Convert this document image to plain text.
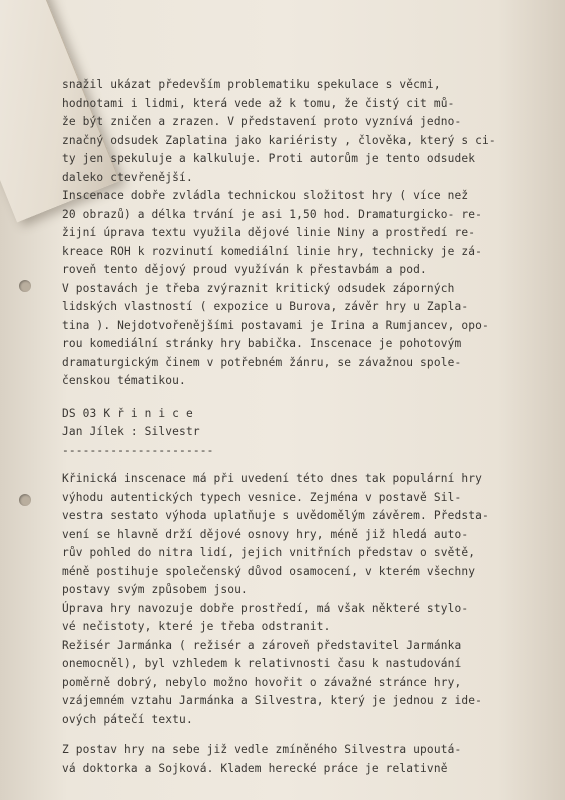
snažil ukázat především problematiku spekulace s věcmi,
hodnotami i lidmi, která vede až k tomu, že čistý cit mů-
že být zničen a zrazen. V představení proto vyznívá jedno-
značný odsudek Zaplatina jako kariéristy , člověka, který s ci-
ty jen spekuluje a kalkuluje. Proti autorům je tento odsudek
daleko ctevřenější.
Inscenace dobře zvládla technickou složitost hry ( více než
20 obrazů) a délka trvání je asi 1,50 hod. Dramaturgicko- re-
žijní úprava textu využila dějové linie Niny a prostředí re-
kreace ROH k rozvinutí komediální linie hry, technicky je zá-
roveň tento dějový proud využíván k přestavbám a pod.
V postavách je třeba zvýraznit kritický odsudek záporných
lidských vlastností ( expozice u Burova, závěr hry u Zapla-
tina ). Nejdotvořenějšími postavami je Irina a Rumjancev, opo-
rou komediální stránky hry babička. Inscenace je pohotovým
dramaturgickým činem v potřebném žánru, se závažnou spole-
čenskou tématikou.
DS 03 K ř i n i c e
Jan Jílek : Silvestr
----------------------
Křinická inscenace má při uvedení této dnes tak populární hry
výhodu autentických typech vesnice. Zejména v postavě Sil-
vestra sestato výhoda uplatňuje s uvědomělým závěrem. Předsta-
vení se hlavně drží dějové osnovy hry, méně již hledá auto-
rův pohled do nitra lidí, jejich vnitřních představ o světě,
méně postihuje společenský důvod osamocení, v kterém všechny
postavy svým způsobem jsou.
Úprava hry navozuje dobře prostředí, má však některé stylo-
vé nečistoty, které je třeba odstranit.
Režisér Jarmánka ( režisér a zároveň představitel Jarmánka
onemocněl), byl vzhledem k relativnosti času k nastudování
poměrně dobrý, nebylo možno hovořit o závažné stránce hry,
vzájemném vztahu Jarmánka a Silvestra, který je jednou z ide-
ových pátečí textu.
Z postav hry na sebe již vedle zmíněného Silvestra upoutá-
vá doktorka a Sojková. Kladem herecké práce je relativně
